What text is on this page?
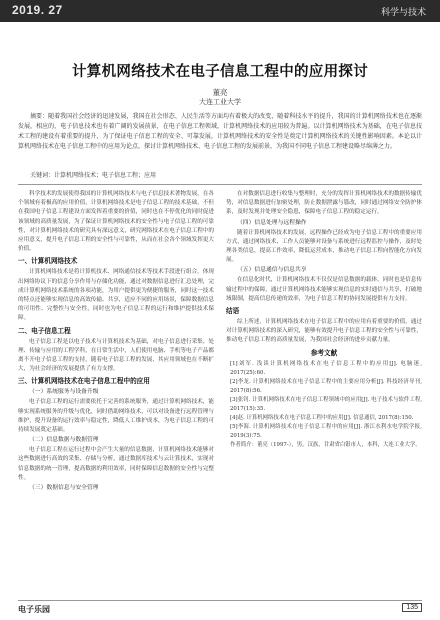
2019. 27	科学与技术
计算机网络技术在电子信息工程中的应用探讨
董亮
大连工业大学
摘要：随着我国社会经济的迅速发展，我国在社会形态、人民生活等方面均有着极大的改变，随着科技水平的提升，我国的计算机网络技术也在逐渐发展，相应的，电子信息技术也有着广阔的发展前景，在电子信息工程领域，计算机网络技术的应用较为普遍。以计算机网络技术为基础，在电子信息技术工程的建设有着重要的提升，为了保证电子信息工程的安全、可靠发展，计算机网络技术的安全性是奠定计算机网络技术的关键性影响因素。本论以计算机网络技术在电子信息工程中的应用为论点，探讨计算机网络技术、电子信息工程的发展前景，为我国不同电子信息工程建设略尽绵薄之力。
关键词：计算机网络技术；电子信息工程；应用

科学技术的发展使得我国的计算机网络技术与电子信息技术著物发展，在各个领域有着极高的应用价值，计算机网络技术是电子信息工程的技术基础，不但在我国电子信息工程建设方面发挥着重要的价值，同时也在不停优化的同时促进该领域的高质量发展，为了保证计算机网络技术的安全性与电子信息工程的可靠性，对计算机网络技术的研究具有深远意义，研究网络技术在电子信息工程中的应用意义，提升电子信息工程的安全性与可靠性，从而在社会各个领域发挥更大价值。

一、计算机网络技术

计算机网络技术是将计算机技术、网络通信技术等技术手段进行组合，体现出网络协议下的信息分享作用与存储化功能，通过对数据信息进行汇总处理，完成计算机网络技术系统的各项功能，为用户提供更为便捷的服务，同时这一技术的特点还能够实现信息的高效传输、共享，适应不同的应用场景，保障数据信息的可用性、完整性与安全性，同时也为电子信息工程的运行和维护提供技术保障。

二、电子信息工程

电子信息工程是以电子技术与计算机技术为基础，对电子信息进行采集、处理、传输与应用的工程学科，在日常生活中，人们使用电脑、手机等电子产品都离不开电子信息工程的支持，随着电子信息工程的发展，其应用领域也在不断扩大，为社会经济的发展提供了有力支撑。

三、计算机网络技术在电子信息工程中的应用
（一）系统服务与设备升级

电子信息工程的运行需要依托于完善的系统服务，通过计算机网络技术，能够实现系统服务的升级与优化，同时借助网络技术，可以对设备进行远程管理与维护，提升设备的运行效率与稳定性，降低人工维护成本，为电子信息工程的可持续发展奠定基础。

（二）信息数据与数据管理

电子信息工程在运行过程中会产生大量的信息数据，计算机网络技术能够对这些数据进行高效的采集、存储与分析，通过数据库技术与云计算技术，实现对信息数据的统一管理，提高数据的利用效率，同时保障信息数据的安全性与完整性。

（三）数据信息与安全管理

在对数据信息进行收集与整理时，充分的发挥计算机网络技术的数据传输优势，对信息数据进行加密处理，防止数据泄露与篡改，同时通过网络安全防护体系，及时发现并处理安全隐患，保障电子信息工程的稳定运行。

（四）信息处理与远程操作

随着计算机网络技术的发展，远程操作已经成为电子信息工程中的重要应用方式，通过网络技术，工作人员能够对设备与系统进行远程监控与操作，及时处理各类信息，提高工作效率，降低运营成本，推动电子信息工程向智能化方向发展。

（五）信息通信与信息共享

在信息化时代，计算机网络技术不仅仅是信息数据的载体，同时也是信息传输过程中的保障，通过计算机网络技术能够实现信息的实时通信与共享，打破地域限制，提高信息传递的效率，为电子信息工程的协同发展提供有力支持。

结语

综上所述，计算机网络技术在电子信息工程中的应用有着重要的价值，通过对计算机网络技术的深入研究，能够有效提升电子信息工程的安全性与可靠性，推动电子信息工程的高质量发展，为我国社会经济的进步贡献力量。

参考文献

[1]刘军. 浅谈计算机网络技术在电子信息工程中的应用[J]. 电脑迷, 2017(25):60.

[2]李龙. 计算机网络技术在电子信息工程中的主要应用分析[J]. 科技经济导刊, 2017(8):56.

[3]张钊. 计算机网络技术在电子信息工程领域中的应用[J]. 电子技术与软件工程, 2017(15):35.

[4]赵. 计算机网络技术在电子信息工程中的应用[J]. 信息通信, 2017(8):150.

[5]李海. 计算机网络技术在电子信息工程中的应用[J]. 浙江水利水电学院学报, 2019(3):75.

作者简介：董亮（1997-），男，汉族，甘肃省白银市人，本科，大连工业大学。

电子乐园	135
